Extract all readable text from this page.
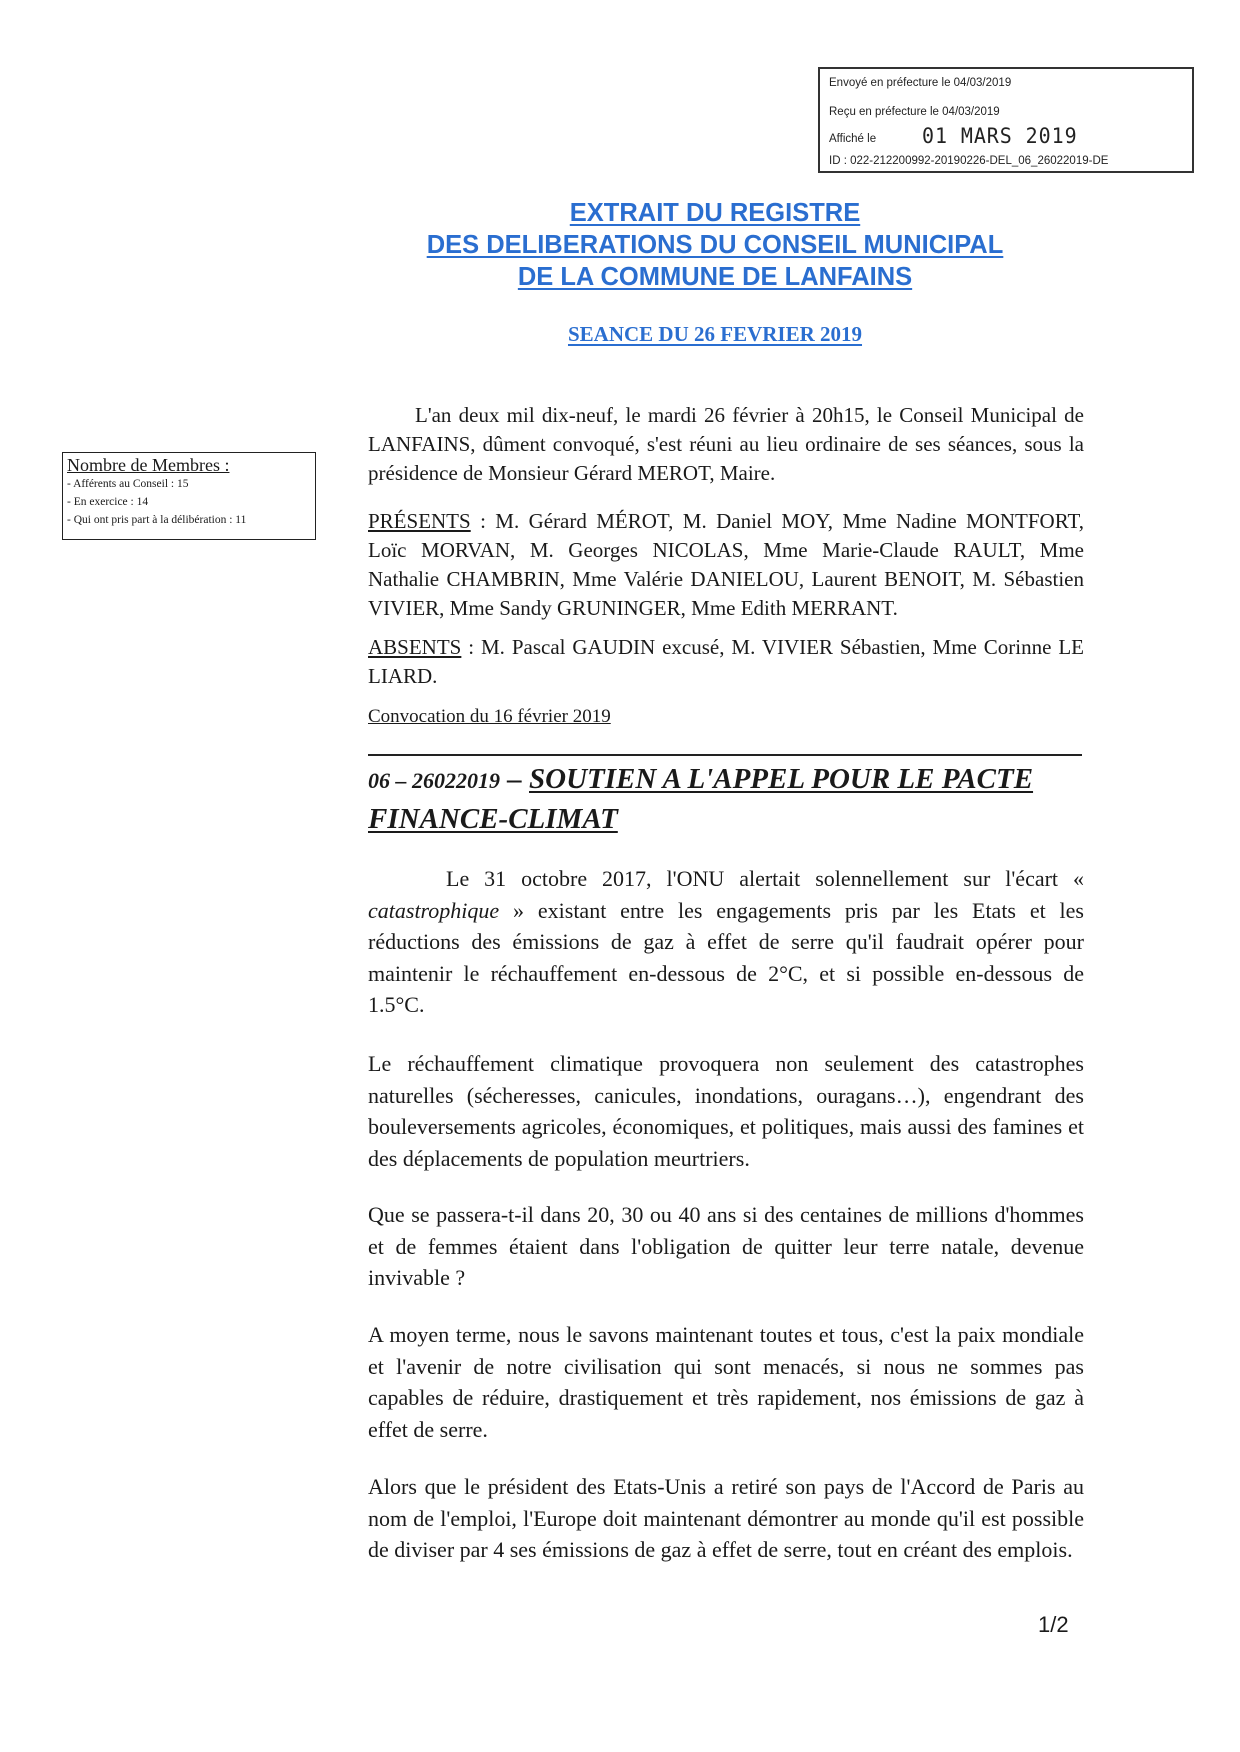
Envoyé en préfecture le 04/03/2019
Reçu en préfecture le 04/03/2019
Affiché le 01 MARS 2019
ID : 022-212200992-20190226-DEL_06_26022019-DE
EXTRAIT DU REGISTRE
DES DELIBERATIONS DU CONSEIL MUNICIPAL
DE LA COMMUNE DE LANFAINS
SEANCE DU 26 FEVRIER 2019
Nombre de Membres :
- Afférents au Conseil : 15
- En exercice : 14
- Qui ont pris part à la délibération : 11
L'an deux mil dix-neuf, le mardi 26 février à 20h15, le Conseil Municipal de LANFAINS, dûment convoqué, s'est réuni au lieu ordinaire de ses séances, sous la présidence de Monsieur Gérard MEROT, Maire.
PRÉSENTS : M. Gérard MÉROT, M. Daniel MOY, Mme Nadine MONTFORT, Loïc MORVAN, M. Georges NICOLAS, Mme Marie-Claude RAULT, Mme Nathalie CHAMBRIN, Mme Valérie DANIELOU, Laurent BENOIT, M. Sébastien VIVIER, Mme Sandy GRUNINGER, Mme Edith MERRANT.
ABSENTS : M. Pascal GAUDIN excusé, M. VIVIER Sébastien, Mme Corinne LE LIARD.
Convocation du 16 février 2019
06 – 26022019 – SOUTIEN A L'APPEL POUR LE PACTE FINANCE-CLIMAT
Le 31 octobre 2017, l'ONU alertait solennellement sur l'écart « catastrophique » existant entre les engagements pris par les Etats et les réductions des émissions de gaz à effet de serre qu'il faudrait opérer pour maintenir le réchauffement en-dessous de 2°C, et si possible en-dessous de 1.5°C.
Le réchauffement climatique provoquera non seulement des catastrophes naturelles (sécheresses, canicules, inondations, ouragans…), engendrant des bouleversements agricoles, économiques, et politiques, mais aussi des famines et des déplacements de population meurtriers.
Que se passera-t-il dans 20, 30 ou 40 ans si des centaines de millions d'hommes et de femmes étaient dans l'obligation de quitter leur terre natale, devenue invivable ?
A moyen terme, nous le savons maintenant toutes et tous, c'est la paix mondiale et l'avenir de notre civilisation qui sont menacés, si nous ne sommes pas capables de réduire, drastiquement et très rapidement, nos émissions de gaz à effet de serre.
Alors que le président des Etats-Unis a retiré son pays de l'Accord de Paris au nom de l'emploi, l'Europe doit maintenant démontrer au monde qu'il est possible de diviser par 4 ses émissions de gaz à effet de serre, tout en créant des emplois.
1/2
